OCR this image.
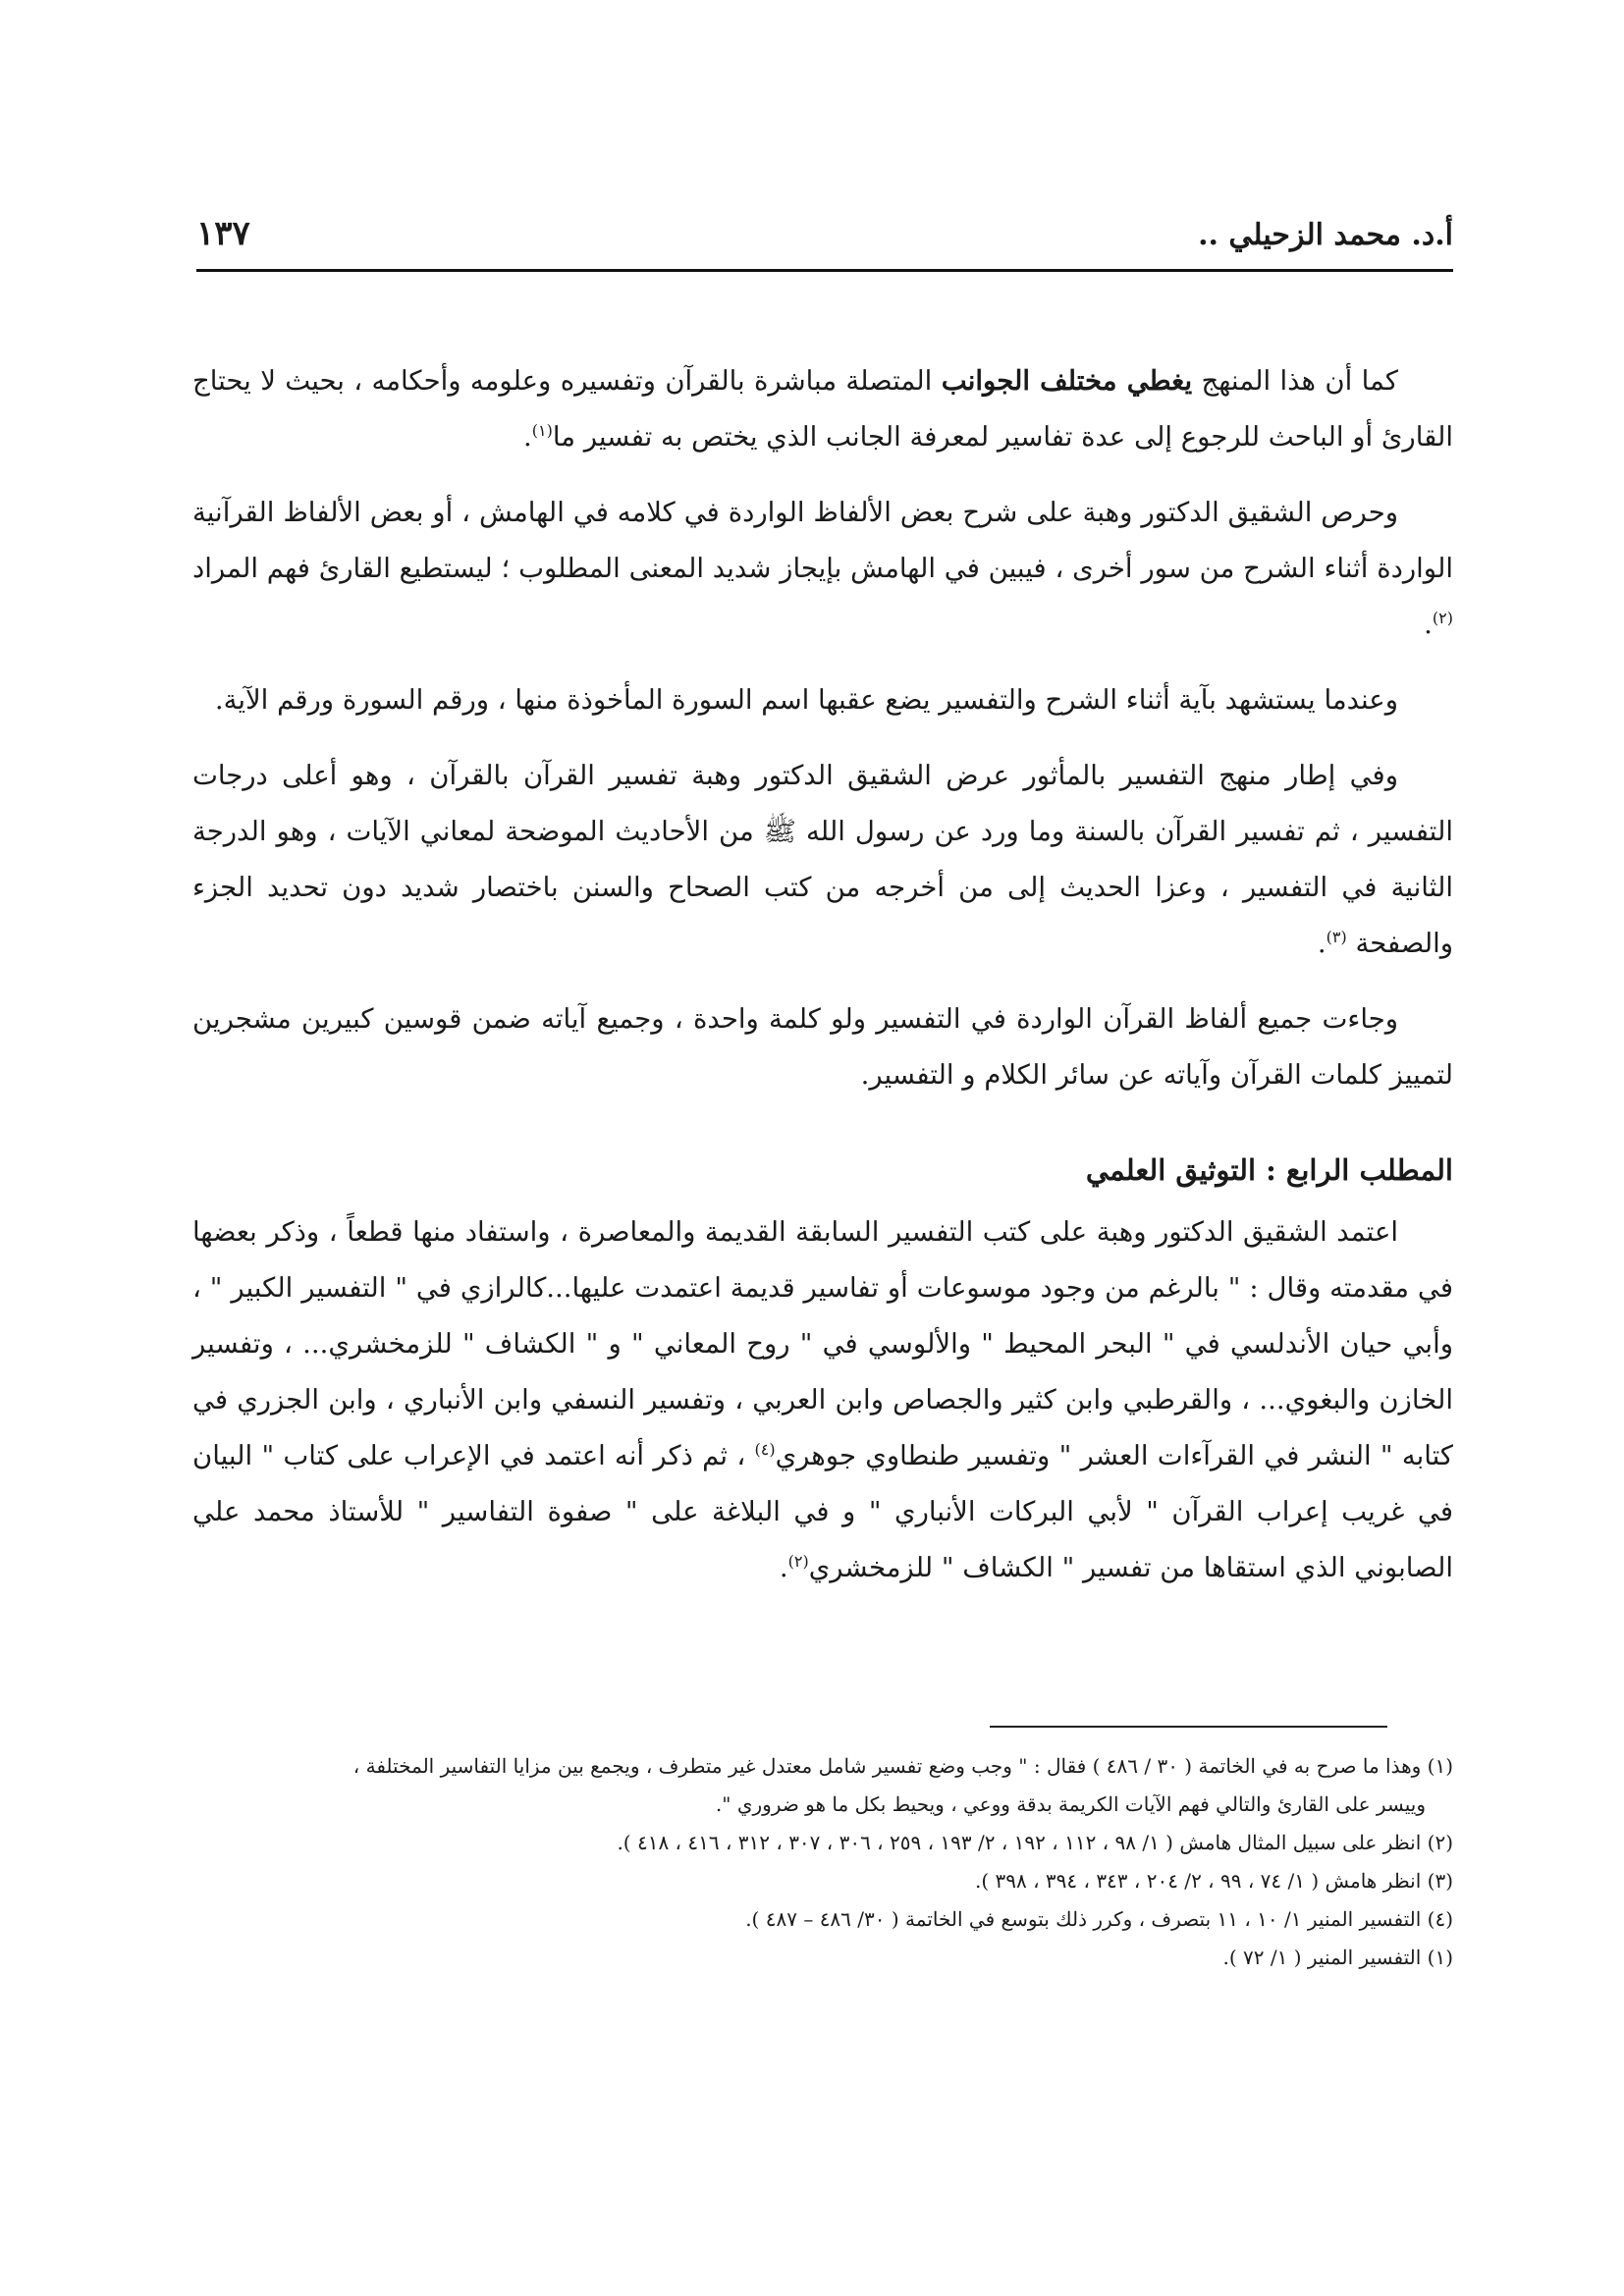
أ.د. محمد الزحيلي ..
١٣٧

كما أن هذا المنهج يغطي مختلف الجوانب المتصلة مباشرة بالقرآن وتفسيره وعلومه وأحكامه ، بحيث لا يحتاج القارئ أو الباحث للرجوع إلى عدة تفاسير لمعرفة الجانب الذي يختص به تفسير ما$^{(١)}$.

وحرص الشقيق الدكتور وهبة على شرح بعض الألفاظ الواردة في كلامه في الهامش ، أو بعض الألفاظ القرآنية الواردة أثناء الشرح من سور أخرى ، فيبين في الهامش بإيجاز شديد المعنى المطلوب ؛ ليستطيع القارئ فهم المراد $^{(٢)}$.

وعندما يستشهد بآية أثناء الشرح والتفسير يضع عقبها اسم السورة المأخوذة منها ، ورقم السورة ورقم الآية.

وفي إطار منهج التفسير بالمأثور عرض الشقيق الدكتور وهبة تفسير القرآن بالقرآن ، وهو أعلى درجات التفسير ، ثم تفسير القرآن بالسنة وما ورد عن رسول الله ﷺ من الأحاديث الموضحة لمعاني الآيات ، وهو الدرجة الثانية في التفسير ، وعزا الحديث إلى من أخرجه من كتب الصحاح والسنن باختصار شديد دون تحديد الجزء والصفحة $^{(٣)}$.

وجاءت جميع ألفاظ القرآن الواردة في التفسير ولو كلمة واحدة ، وجميع آياته ضمن قوسين كبيرين مشجرين لتمييز كلمات القرآن وآياته عن سائر الكلام و التفسير.

المطلب الرابع : التوثيق العلمي

اعتمد الشقيق الدكتور وهبة على كتب التفسير السابقة القديمة والمعاصرة ، واستفاد منها قطعاً ، وذكر بعضها في مقدمته وقال : " بالرغم من وجود موسوعات أو تفاسير قديمة اعتمدت عليها...كالرازي في " التفسير الكبير " ، وأبي حيان الأندلسي في " البحر المحيط " والألوسي في " روح المعاني " و " الكشاف " للزمخشري... ، وتفسير الخازن والبغوي... ، والقرطبي وابن كثير والجصاص وابن العربي ، وتفسير النسفي وابن الأنباري ، وابن الجزري في كتابه " النشر في القرآءات العشر " وتفسير طنطاوي جوهري$^{(٤)}$ ، ثم ذكر أنه اعتمد في الإعراب على كتاب " البيان في غريب إعراب القرآن " لأبي البركات الأنباري " و في البلاغة على " صفوة التفاسير " للأستاذ محمد علي الصابوني الذي استقاها من تفسير " الكشاف " للزمخشري$^{(٢)}$.

(١) وهذا ما صرح به في الخاتمة ( ٣٠ / ٤٨٦ ) فقال : " وجب وضع تفسير شامل معتدل غير متطرف ، ويجمع بين مزايا التفاسير المختلفة ،

وييسر على القارئ والتالي فهم الآيات الكريمة بدقة ووعي ، ويحيط بكل ما هو ضروري ".

(٢) انظر على سبيل المثال هامش ( ١/ ٩٨ ، ١١٢ ، ١٩٢ ، ٢/ ١٩٣ ، ٢٥٩ ، ٣٠٦ ، ٣٠٧ ، ٣١٢ ، ٤١٦ ، ٤١٨ ).

(٣) انظر هامش ( ١/ ٧٤ ، ٩٩ ، ٢/ ٢٠٤ ، ٣٤٣ ، ٣٩٤ ، ٣٩٨ ).

(٤) التفسير المنير ١/ ١٠ ، ١١ بتصرف ، وكرر ذلك بتوسع في الخاتمة ( ٣٠/ ٤٨٦ – ٤٨٧ ).

(١) التفسير المنير ( ١/ ٧٢ ).
